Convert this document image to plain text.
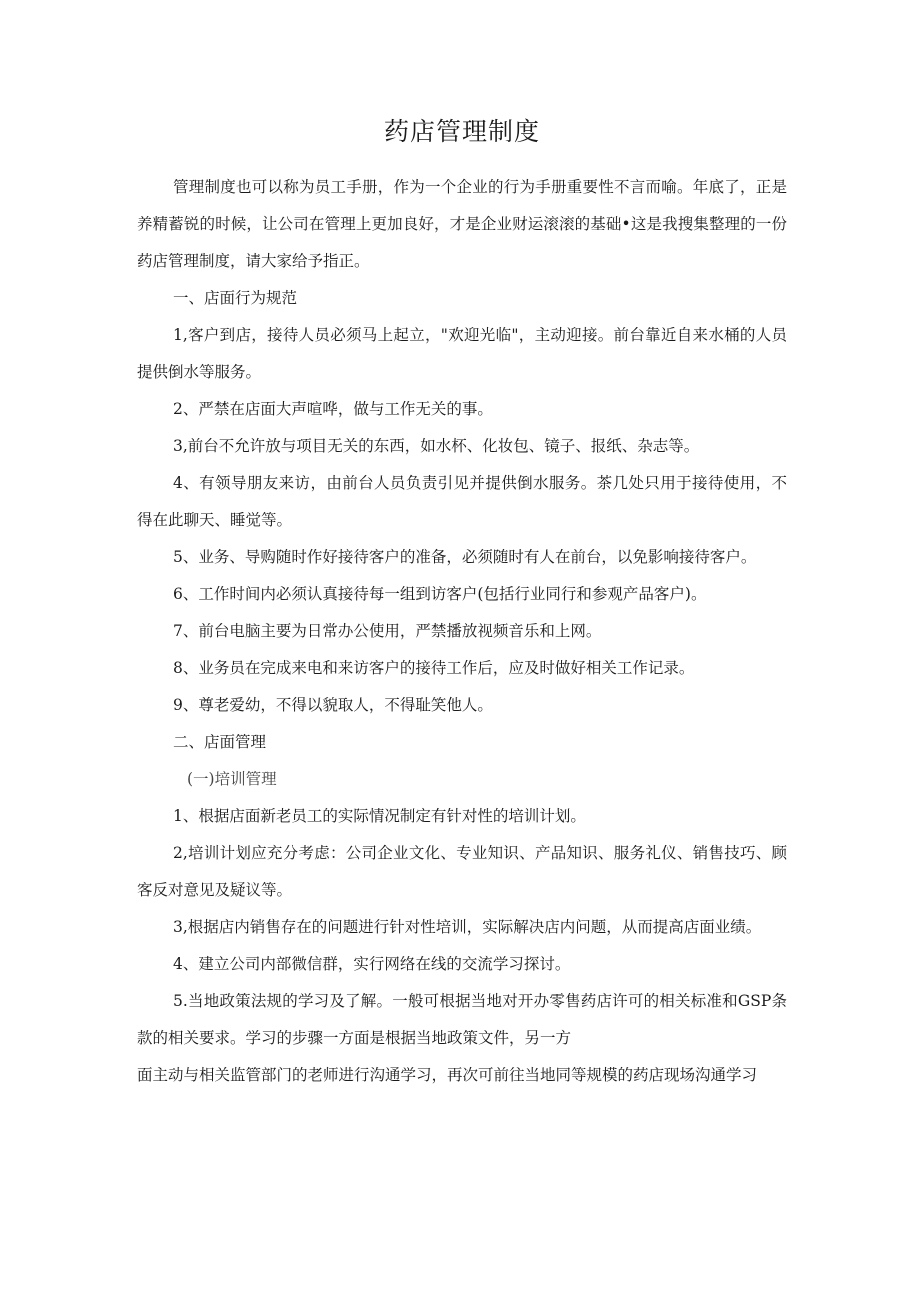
药店管理制度

管理制度也可以称为员工手册，作为一个企业的行为手册重要性不言而喻。年底了，正是养精蓄锐的时候，让公司在管理上更加良好，才是企业财运滚滚的基础•这是我搜集整理的一份药店管理制度，请大家给予指正。

一、店面行为规范

1,客户到店，接待人员必须马上起立，"欢迎光临"，主动迎接。前台靠近自来水桶的人员提供倒水等服务。

2、严禁在店面大声喧哗，做与工作无关的事。

3,前台不允许放与项目无关的东西，如水杯、化妆包、镜子、报纸、杂志等。

4、有领导朋友来访，由前台人员负责引见并提供倒水服务。茶几处只用于接待使用，不得在此聊天、睡觉等。

5、业务、导购随时作好接待客户的准备，必须随时有人在前台，以免影响接待客户。

6、工作时间内必须认真接待每一组到访客户(包括行业同行和参观产品客户)。

7、前台电脑主要为日常办公使用，严禁播放视频音乐和上网。

8、业务员在完成来电和来访客户的接待工作后，应及时做好相关工作记录。

9、尊老爱幼，不得以貌取人，不得耻笑他人。

二、店面管理

(一)培训管理

1、根据店面新老员工的实际情况制定有针对性的培训计划。

2,培训计划应充分考虑：公司企业文化、专业知识、产品知识、服务礼仪、销售技巧、顾客反对意见及疑议等。

3,根据店内销售存在的问题进行针对性培训，实际解决店内问题，从而提高店面业绩。

4、建立公司内部微信群，实行网络在线的交流学习探讨。

5.当地政策法规的学习及了解。一般可根据当地对开办零售药店许可的相关标准和GSP条款的相关要求。学习的步骤一方面是根据当地政策文件，另一方

面主动与相关监管部门的老师进行沟通学习，再次可前往当地同等规模的药店现场沟通学习
